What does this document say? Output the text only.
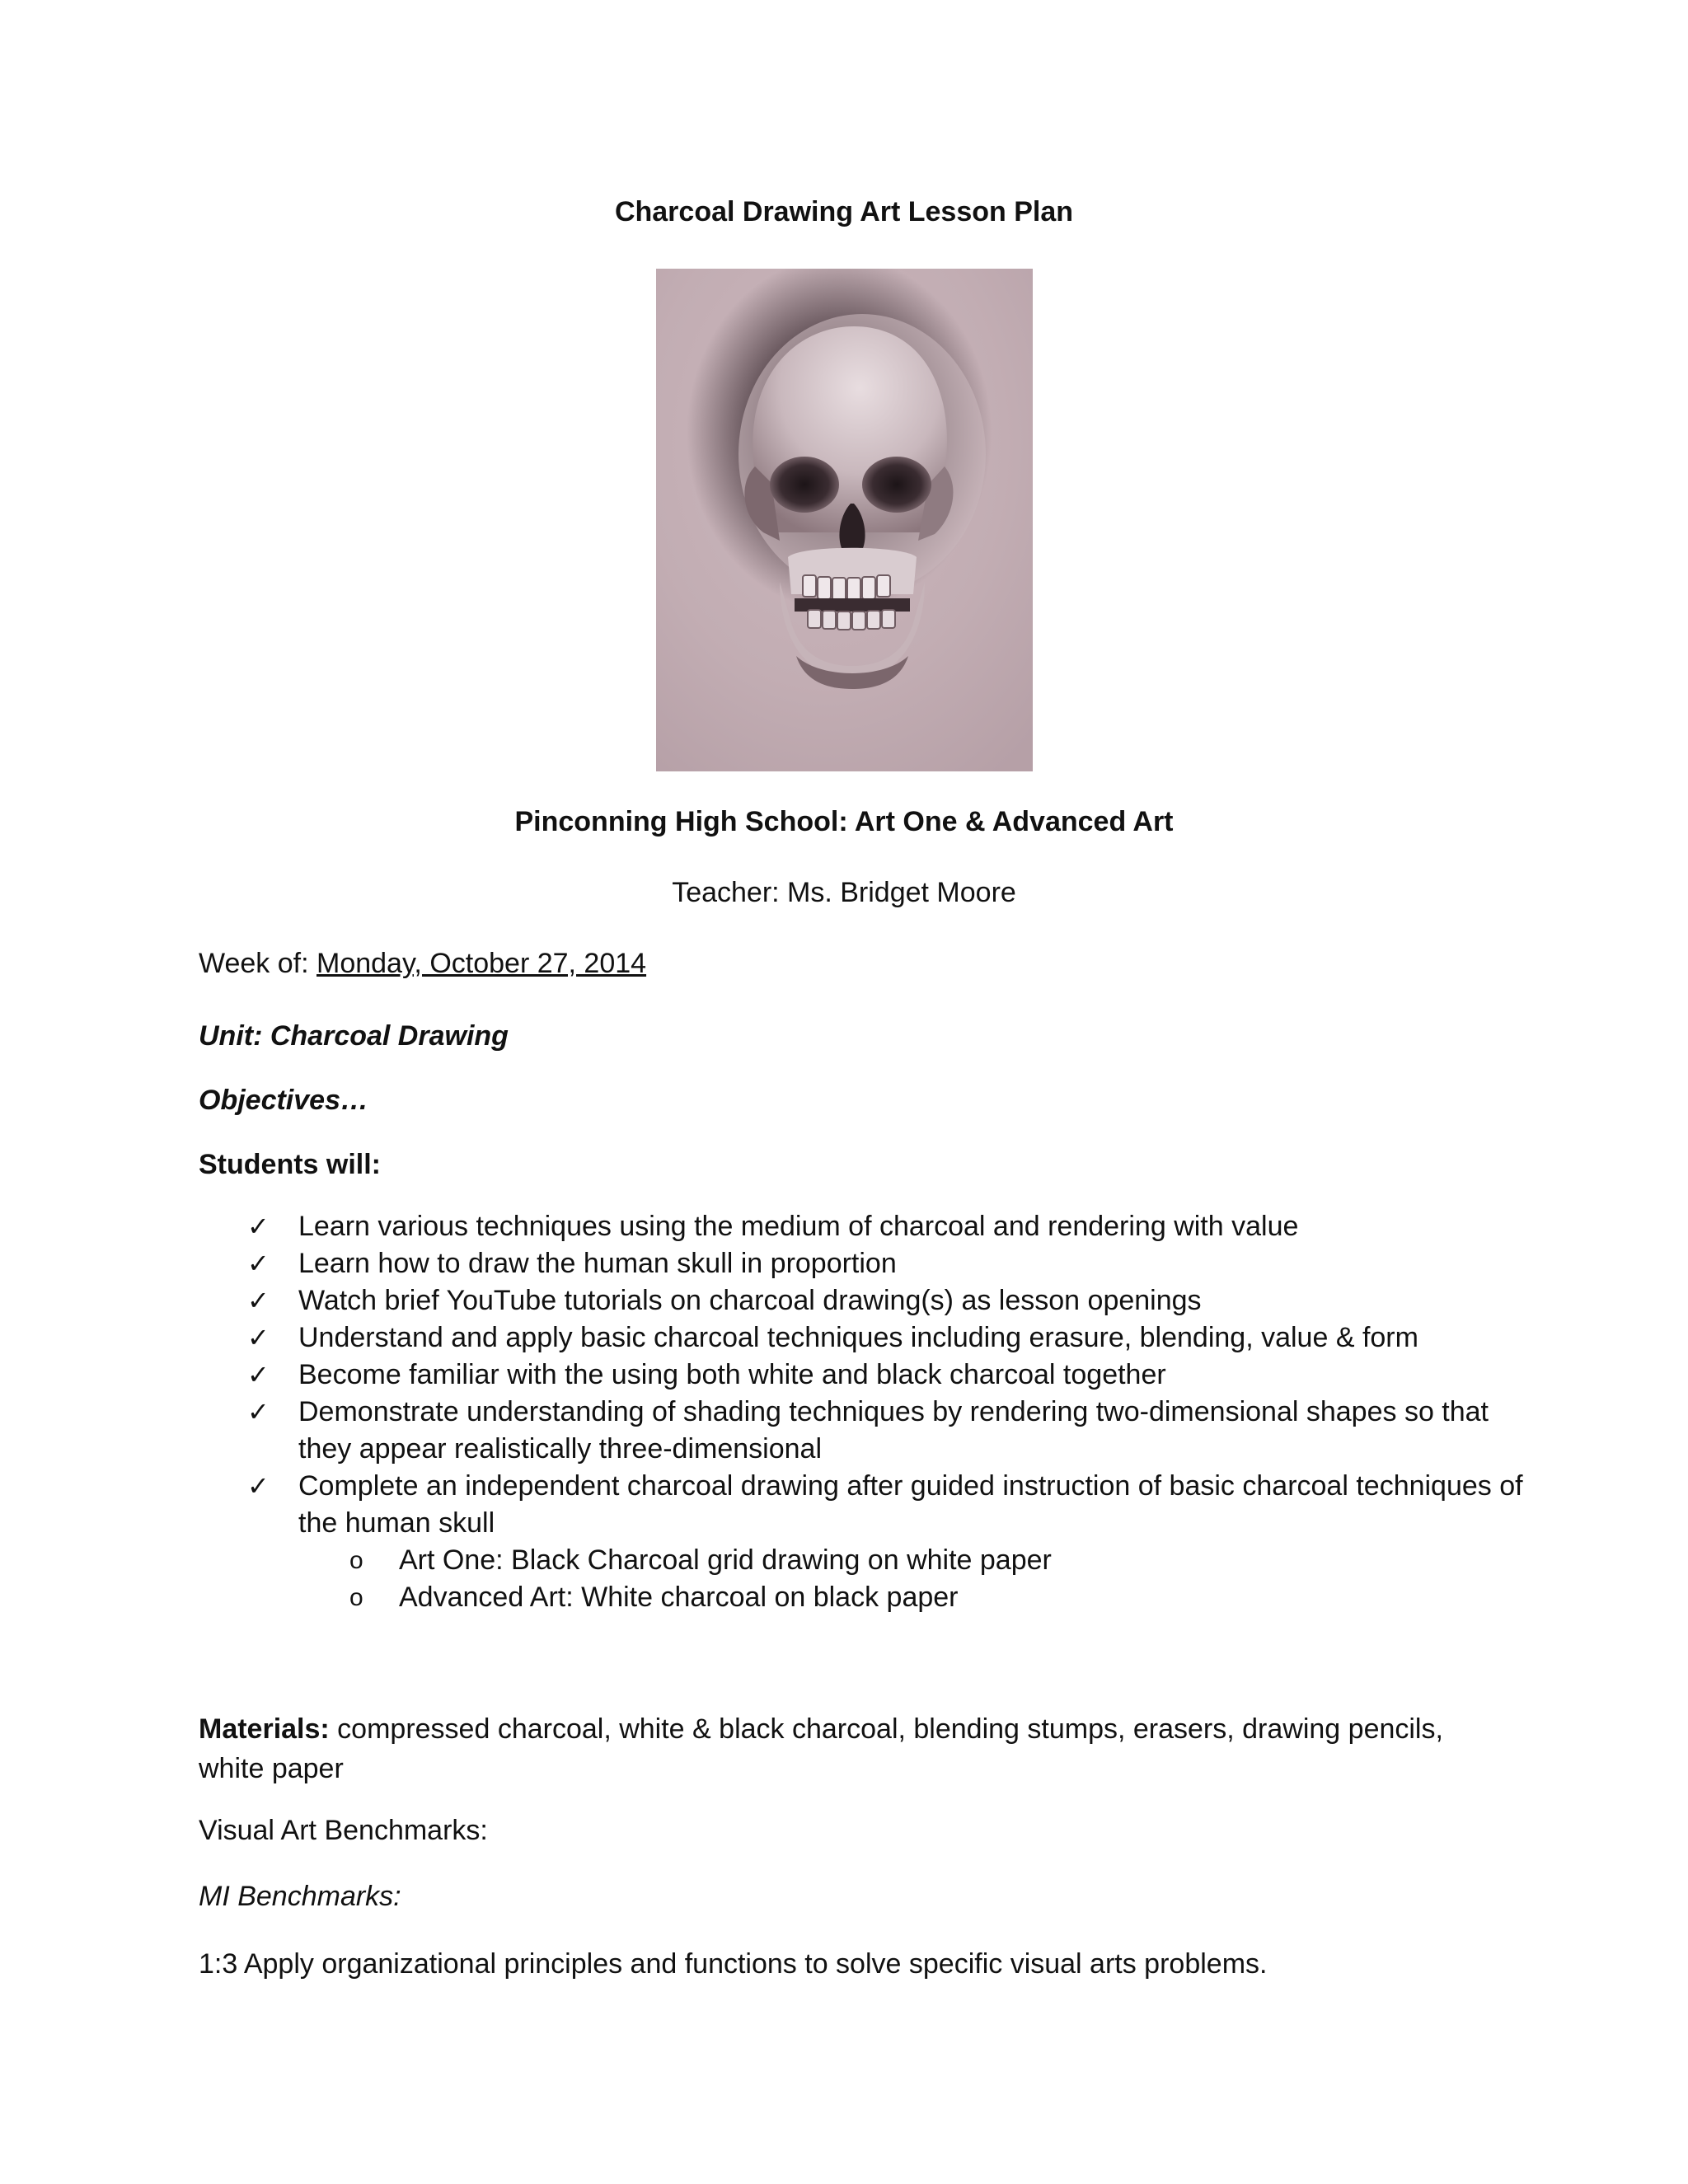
Charcoal Drawing Art Lesson Plan
Pinconning High School: Art One & Advanced Art
Teacher: Ms. Bridget Moore
Week of: Monday, October 27, 2014
Unit: Charcoal Drawing
Objectives…
Students will:
✓ Learn various techniques using the medium of charcoal and rendering with value
✓ Learn how to draw the human skull in proportion
✓ Watch brief YouTube tutorials on charcoal drawing(s) as lesson openings
✓ Understand and apply basic charcoal techniques including erasure, blending, value & form
✓ Become familiar with the using both white and black charcoal together
✓ Demonstrate understanding of shading techniques by rendering two-dimensional shapes so that they appear realistically three-dimensional
✓ Complete an independent charcoal drawing after guided instruction of basic charcoal techniques of the human skull
o Art One: Black Charcoal grid drawing on white paper
o Advanced Art: White charcoal on black paper
Materials: compressed charcoal, white & black charcoal, blending stumps, erasers, drawing pencils, white paper
Visual Art Benchmarks:
MI Benchmarks:
1:3 Apply organizational principles and functions to solve specific visual arts problems.
